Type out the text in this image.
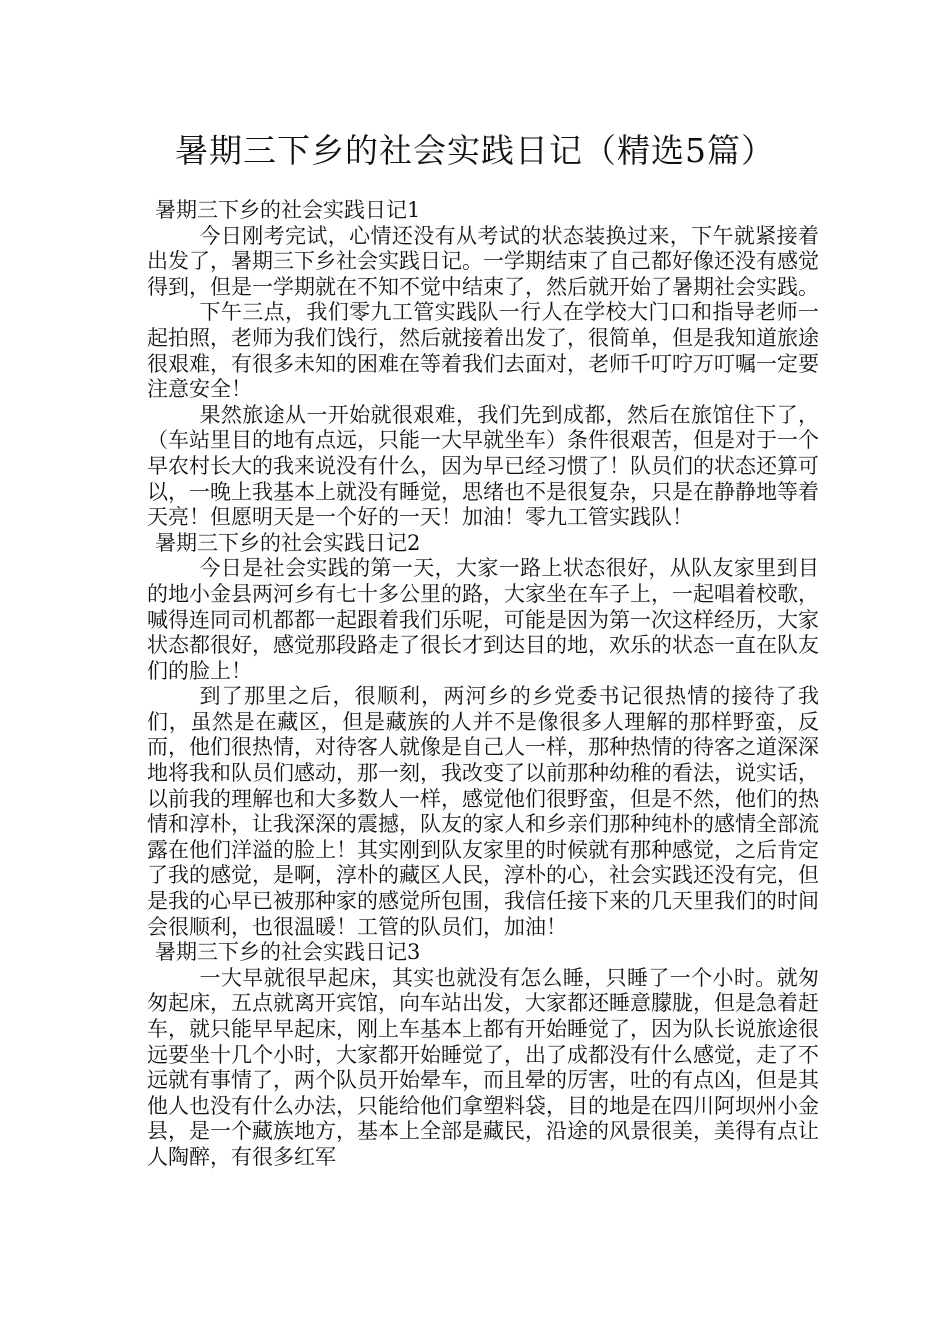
暑期三下乡的社会实践日记（精选5篇）
暑期三下乡的社会实践日记1

今日刚考完试，心情还没有从考试的状态装换过来，下午就紧接着出发了，暑期三下乡社会实践日记。一学期结束了自己都好像还没有感觉得到，但是一学期就在不知不觉中结束了，然后就开始了暑期社会实践。

下午三点，我们零九工管实践队一行人在学校大门口和指导老师一起拍照，老师为我们饯行，然后就接着出发了，很简单，但是我知道旅途很艰难，有很多未知的困难在等着我们去面对，老师千叮咛万叮嘱一定要注意安全！

果然旅途从一开始就很艰难，我们先到成都，然后在旅馆住下了，（车站里目的地有点远，只能一大早就坐车）条件很艰苦，但是对于一个早农村长大的我来说没有什么，因为早已经习惯了！队员们的状态还算可以，一晚上我基本上就没有睡觉，思绪也不是很复杂，只是在静静地等着天亮！但愿明天是一个好的一天！加油！零九工管实践队！

暑期三下乡的社会实践日记2

今日是社会实践的第一天，大家一路上状态很好，从队友家里到目的地小金县两河乡有七十多公里的路，大家坐在车子上，一起唱着校歌，喊得连同司机都都一起跟着我们乐呢，可能是因为第一次这样经历，大家状态都很好，感觉那段路走了很长才到达目的地，欢乐的状态一直在队友们的脸上！

到了那里之后，很顺利，两河乡的乡党委书记很热情的接待了我们，虽然是在藏区，但是藏族的人并不是像很多人理解的那样野蛮，反而，他们很热情，对待客人就像是自己人一样，那种热情的待客之道深深地将我和队员们感动，那一刻，我改变了以前那种幼稚的看法，说实话，以前我的理解也和大多数人一样，感觉他们很野蛮，但是不然，他们的热情和淳朴，让我深深的震撼，队友的家人和乡亲们那种纯朴的感情全部流露在他们洋溢的脸上！其实刚到队友家里的时候就有那种感觉，之后肯定了我的感觉，是啊，淳朴的藏区人民，淳朴的心，社会实践还没有完，但是我的心早已被那种家的感觉所包围，我信任接下来的几天里我们的时间会很顺利，也很温暖！工管的队员们，加油！

暑期三下乡的社会实践日记3

一大早就很早起床，其实也就没有怎么睡，只睡了一个小时。就匆匆起床，五点就离开宾馆，向车站出发，大家都还睡意朦胧，但是急着赶车，就只能早早起床，刚上车基本上都有开始睡觉了，因为队长说旅途很远要坐十几个小时，大家都开始睡觉了，出了成都没有什么感觉，走了不远就有事情了，两个队员开始晕车，而且晕的厉害，吐的有点凶，但是其他人也没有什么办法，只能给他们拿塑料袋，目的地是在四川阿坝州小金县，是一个藏族地方，基本上全部是藏民，沿途的风景很美，美得有点让人陶醉，有很多红军
